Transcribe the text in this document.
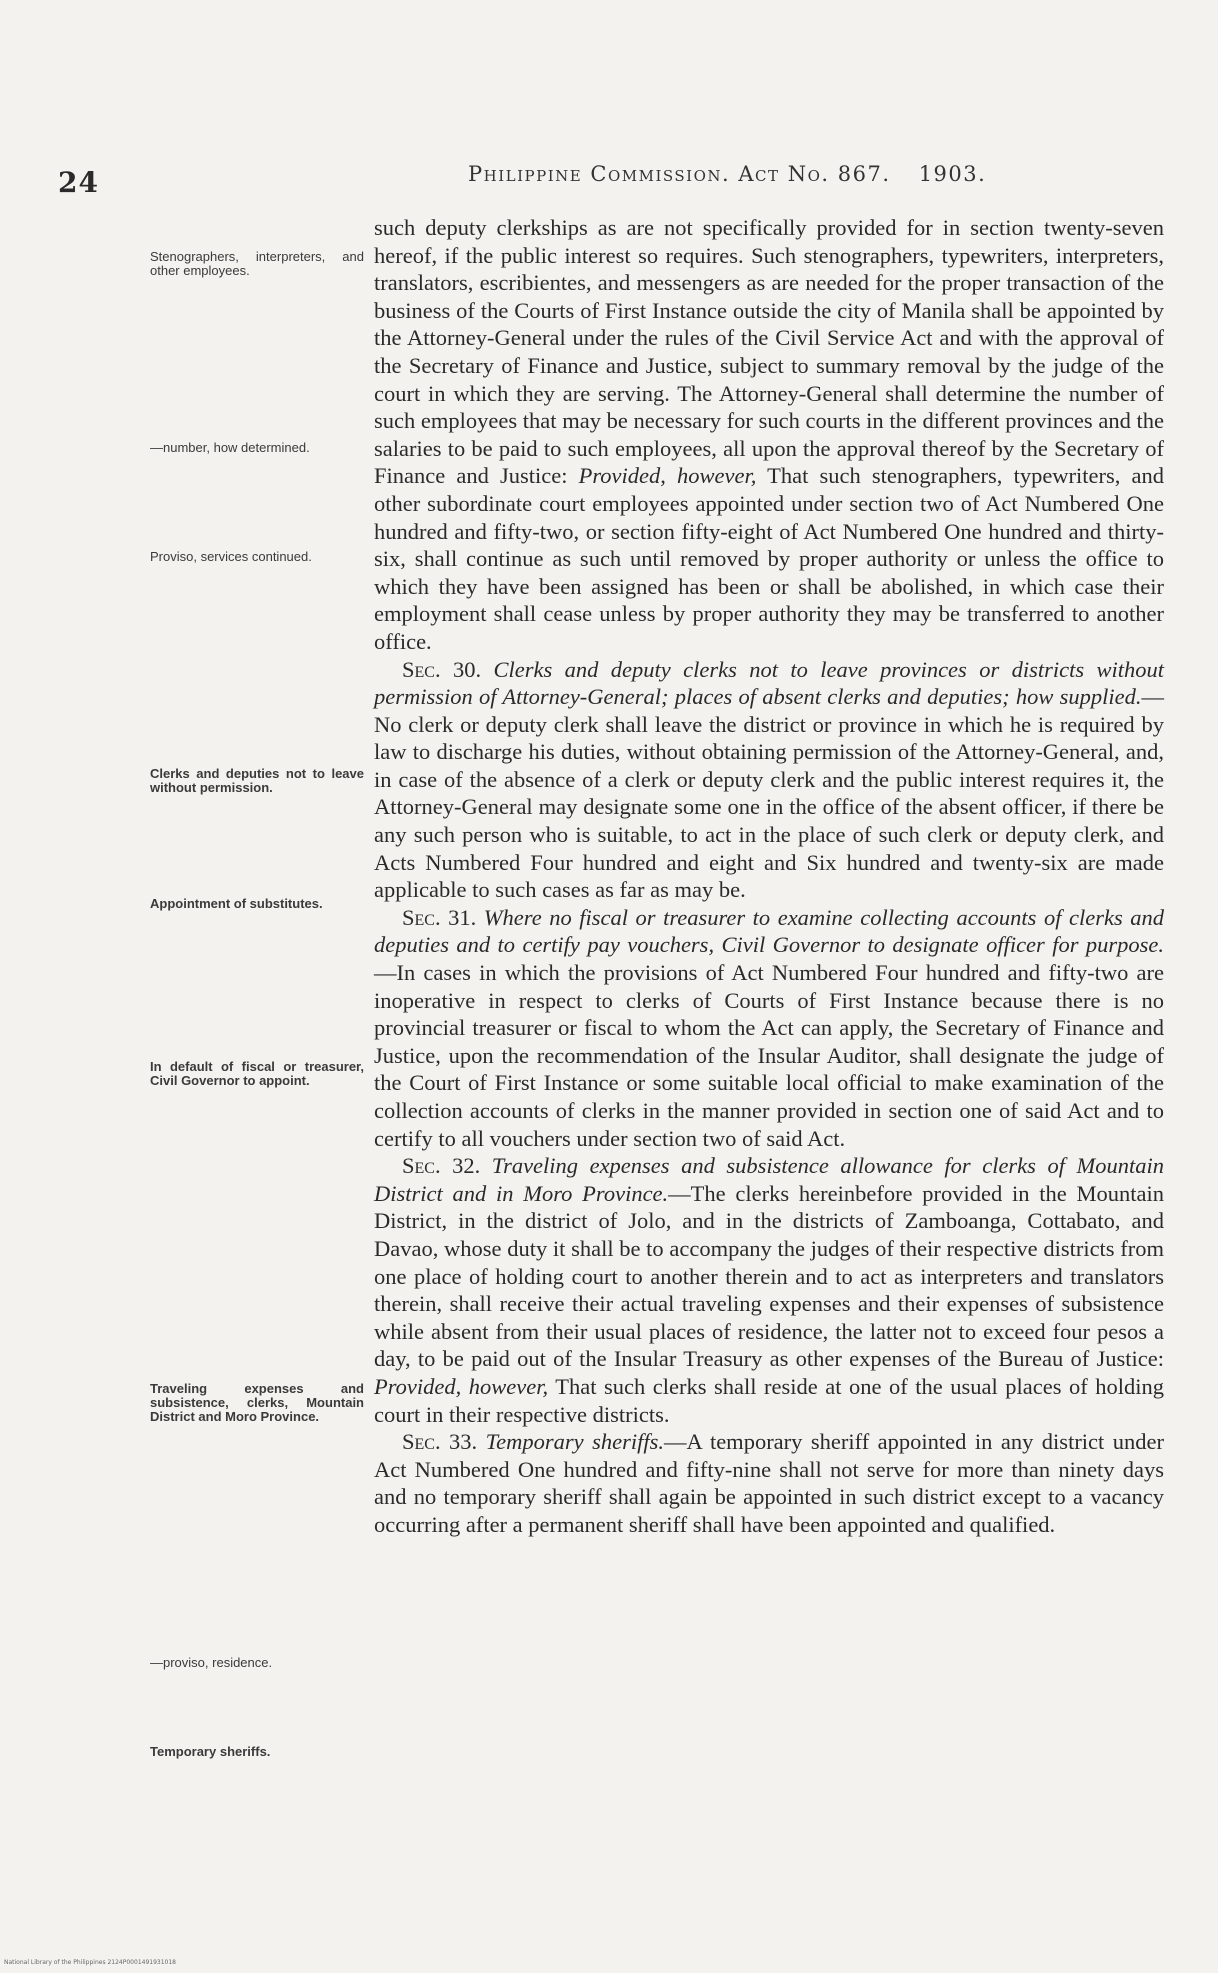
24	Philippine Commission. Act No. 867. 1903.
Stenographers, interpreters, and other employees.
—number, how determined.
Proviso, services continued.
Clerks and deputies not to leave without permission.
Appointment of substitutes.
In default of fiscal or treasurer, Civil Governor to appoint.
Traveling expenses and subsistence, clerks, Mountain District and Moro Province.
—proviso, residence.
Temporary sheriffs.

such deputy clerkships as are not specifically provided for in section twenty-seven hereof, if the public interest so requires. Such stenographers, typewriters, interpreters, translators, escribientes, and messengers as are needed for the proper transaction of the business of the Courts of First Instance outside the city of Manila shall be appointed by the Attorney-General under the rules of the Civil Service Act and with the approval of the Secretary of Finance and Justice, subject to summary removal by the judge of the court in which they are serving. The Attorney-General shall determine the number of such employees that may be necessary for such courts in the different provinces and the salaries to be paid to such employees, all upon the approval thereof by the Secretary of Finance and Justice: Provided, however, That such stenographers, typewriters, and other subordinate court employees appointed under section two of Act Numbered One hundred and fifty-two, or section fifty-eight of Act Numbered One hundred and thirty-six, shall continue as such until removed by proper authority or unless the office to which they have been assigned has been or shall be abolished, in which case their employment shall cease unless by proper authority they may be transferred to another office.

Sec. 30. Clerks and deputy clerks not to leave provinces or districts without permission of Attorney-General; places of absent clerks and deputies; how supplied.—No clerk or deputy clerk shall leave the district or province in which he is required by law to discharge his duties, without obtaining permission of the Attorney-General, and, in case of the absence of a clerk or deputy clerk and the public interest requires it, the Attorney-General may designate some one in the office of the absent officer, if there be any such person who is suitable, to act in the place of such clerk or deputy clerk, and Acts Numbered Four hundred and eight and Six hundred and twenty-six are made applicable to such cases as far as may be.

Sec. 31. Where no fiscal or treasurer to examine collecting accounts of clerks and deputies and to certify pay vouchers, Civil Governor to designate officer for purpose.—In cases in which the provisions of Act Numbered Four hundred and fifty-two are inoperative in respect to clerks of Courts of First Instance because there is no provincial treasurer or fiscal to whom the Act can apply, the Secretary of Finance and Justice, upon the recommendation of the Insular Auditor, shall designate the judge of the Court of First Instance or some suitable local official to make examination of the collection accounts of clerks in the manner provided in section one of said Act and to certify to all vouchers under section two of said Act.

Sec. 32. Traveling expenses and subsistence allowance for clerks of Mountain District and in Moro Province.—The clerks hereinbefore provided in the Mountain District, in the district of Jolo, and in the districts of Zamboanga, Cottabato, and Davao, whose duty it shall be to accompany the judges of their respective districts from one place of holding court to another therein and to act as interpreters and translators therein, shall receive their actual traveling expenses and their expenses of subsistence while absent from their usual places of residence, the latter not to exceed four pesos a day, to be paid out of the Insular Treasury as other expenses of the Bureau of Justice: Provided, however, That such clerks shall reside at one of the usual places of holding court in their respective districts.

Sec. 33. Temporary sheriffs.—A temporary sheriff appointed in any district under Act Numbered One hundred and fifty-nine shall not serve for more than ninety days and no temporary sheriff shall again be appointed in such district except to a vacancy occurring after a permanent sheriff shall have been appointed and qualified.

National Library of the Philippines 2124P0001491931018
